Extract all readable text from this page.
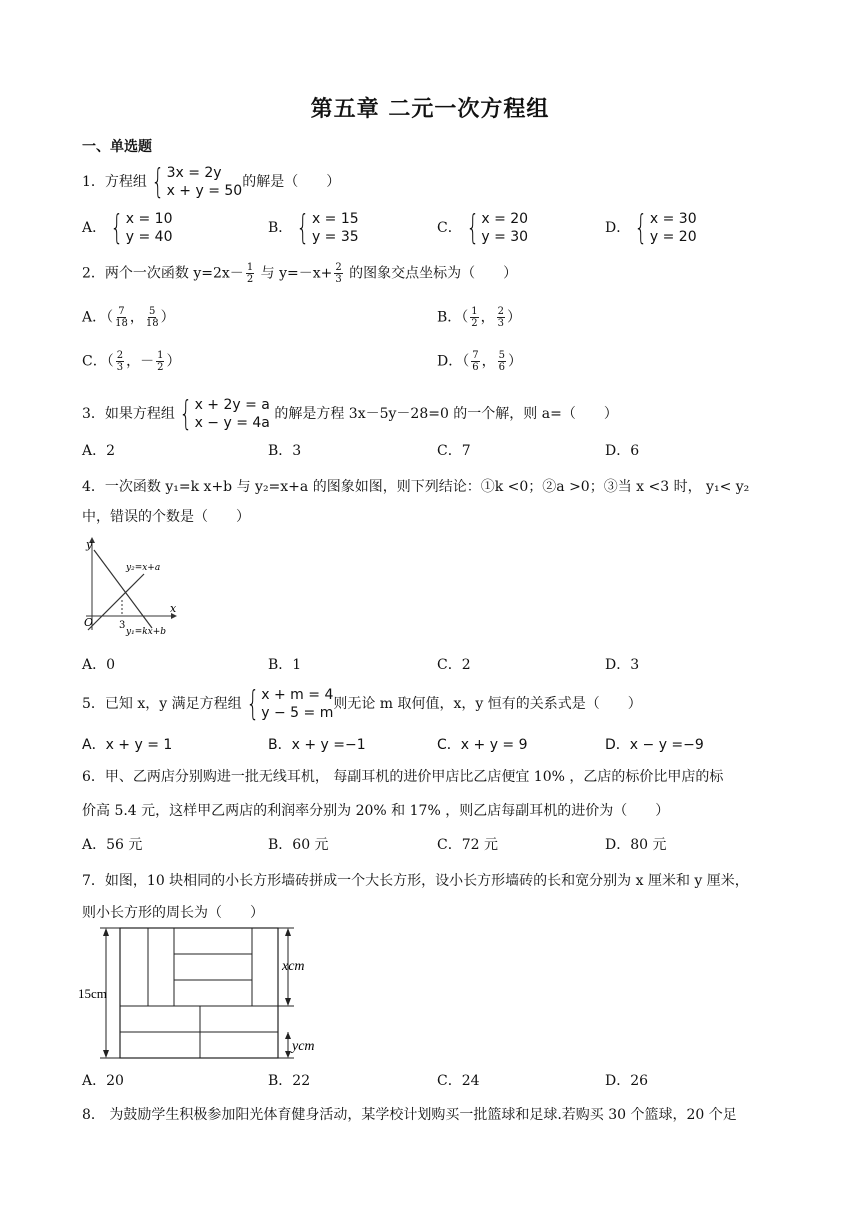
第五章 二元一次方程组
一、单选题
1．方程组 { 3x = 2y
x + y = 50
的解是（　　）
A． { x = 10
y = 40
B． { x = 15
y = 35
C． { x = 20
y = 30
D． { x = 30
y = 20
2．两个一次函数 $y=2x- \frac{1}{2}$ 与 $y=-x+ \frac{2}{3}$ 的图象交点坐标为（　　）
A．（ $\frac{7}{18}$ ， $\frac{5}{18}$ ）	B．（ $\frac{1}{2}$ ， $\frac{2}{3}$ ）
C．（ $\frac{2}{3}$ ，－ $\frac{1}{2}$ ）	D．（ $\frac{7}{6}$ ， $\frac{5}{6}$ ）
3．如果方程组 { x + 2y = a
x − y = 4a
的解是方程 3x－5y－28=0 的一个解，则 a=（　　）
A．2	B．3	C．7	D．6
4．一次函数 y₁=k x+b 与 y₂=x+a 的图象如图，则下列结论：①k <0；②a >0；③当 x <3 时， y₁< y₂
中，错误的个数是（　　）
y
x
O	3
y₂=x+a
y₁=kx+b
A．0	B．1	C．2	D．3
5．已知 x，y 满足方程组 { x + m = 4
y − 5 = m
则无论 m 取何值，x，y 恒有的关系式是（　　）
A．x + y = 1	B．x + y =−1	C．x + y = 9	D．x − y =−9
6．甲、乙两店分别购进一批无线耳机， 每副耳机的进价甲店比乙店便宜 10% ，乙店的标价比甲店的标
价高 5.4 元，这样甲乙两店的利润率分别为 20% 和 17% ，则乙店每副耳机的进价为（　　）
A．56 元	B．60 元	C．72 元	D．80 元
7．如图，10 块相同的小长方形墙砖拼成一个大长方形，设小长方形墙砖的长和宽分别为 x 厘米和 y 厘米，
则小长方形的周长为（　　）
15cm
xcm
ycm
A．20	B．22	C．24	D．26
8． 为鼓励学生积极参加阳光体育健身活动，某学校计划购买一批篮球和足球.若购买 30 个篮球，20 个足
